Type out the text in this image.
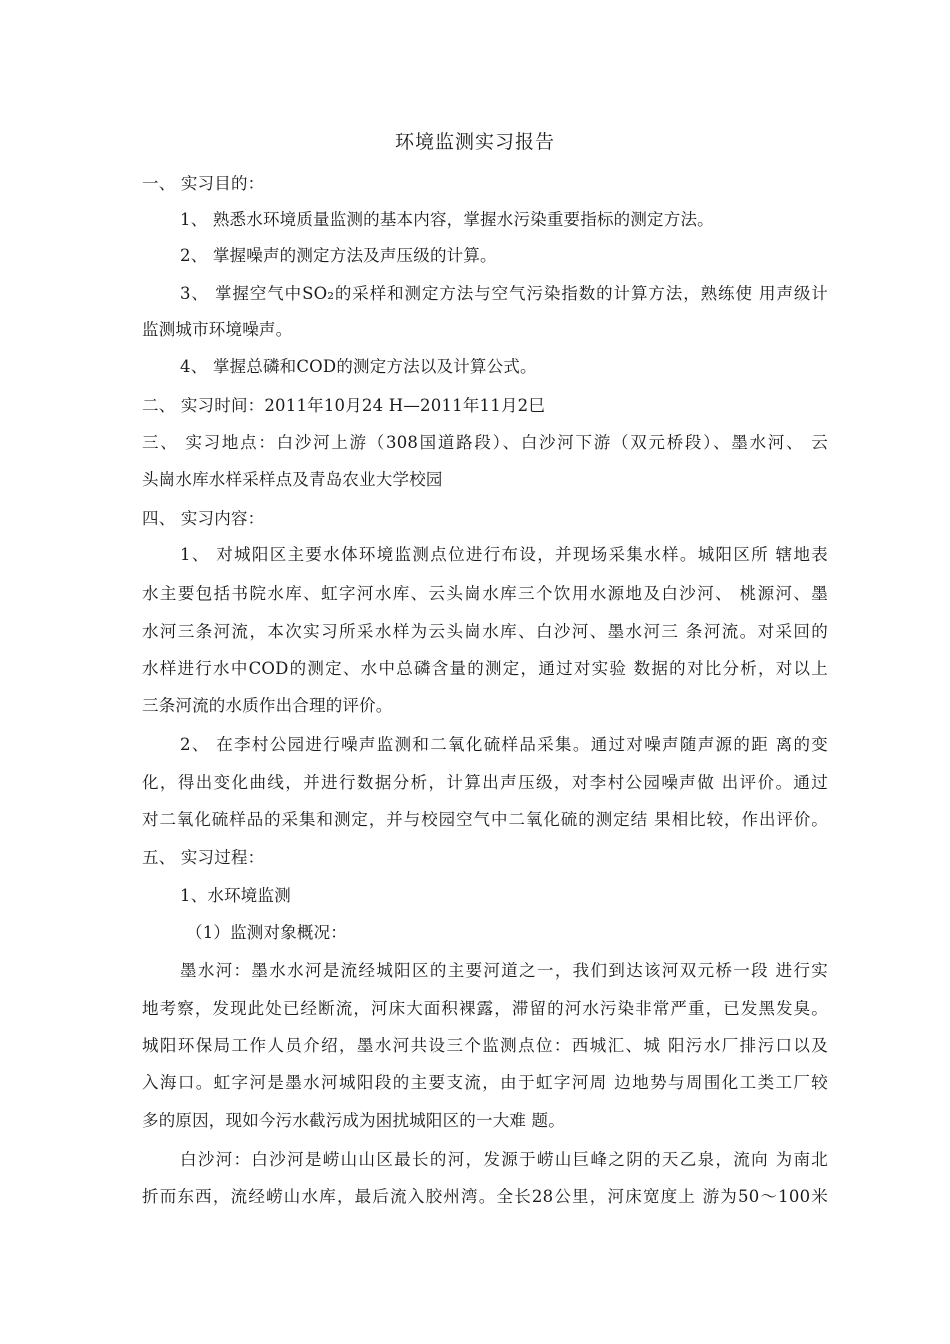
环境监测实习报告
一、 实习目的：
1、 熟悉水环境质量监测的基本内容，掌握水污染重要指标的测定方法。
2、 掌握噪声的测定方法及声压级的计算。
3、 掌握空气中SO₂的采样和测定方法与空气污染指数的计算方法，熟练使 用声级计
监测城市环境噪声。
4、 掌握总磷和COD的测定方法以及计算公式。
二、 实习时间：2011年10月24 H—2011年11月2巳
三、 实习地点：白沙河上游（308国道路段）、白沙河下游（双元桥段）、墨水河、 云
头崗水库水样采样点及青岛农业大学校园
四、 实习内容：
1、 对城阳区主要水体环境监测点位进行布设，并现场采集水样。城阳区所 辖地表
水主要包括书院水库、虹字河水库、云头崗水库三个饮用水源地及白沙河、 桃源河、墨
水河三条河流，本次实习所采水样为云头崗水库、白沙河、墨水河三 条河流。对采回的
水样进行水中COD的测定、水中总磷含量的测定，通过对实验 数据的对比分析，对以上
三条河流的水质作出合理的评价。
2、 在李村公园进行噪声监测和二氧化硫样品采集。通过对噪声随声源的距 离的变
化，得出变化曲线，并进行数据分析，计算出声压级，对李村公园噪声做 出评价。通过
对二氧化硫样品的采集和测定，并与校园空气中二氧化硫的测定结 果相比较，作出评价。
五、 实习过程：
1、水环境监测
（1）监测对象概况：
墨水河：墨水水河是流经城阳区的主要河道之一，我们到达该河双元桥一段 进行实
地考察，发现此处已经断流，河床大面积裸露，滞留的河水污染非常严重，已发黑发臭。
城阳环保局工作人员介绍，墨水河共设三个监测点位：西城汇、城 阳污水厂排污口以及
入海口。虹字河是墨水河城阳段的主要支流，由于虹字河周 边地势与周围化工类工厂较
多的原因，现如今污水截污成为困扰城阳区的一大难 题。
白沙河：白沙河是崂山山区最长的河，发源于崂山巨峰之阴的天乙泉，流向 为南北
折而东西，流经崂山水库，最后流入胶州湾。全长28公里，河床宽度上 游为50～100米
